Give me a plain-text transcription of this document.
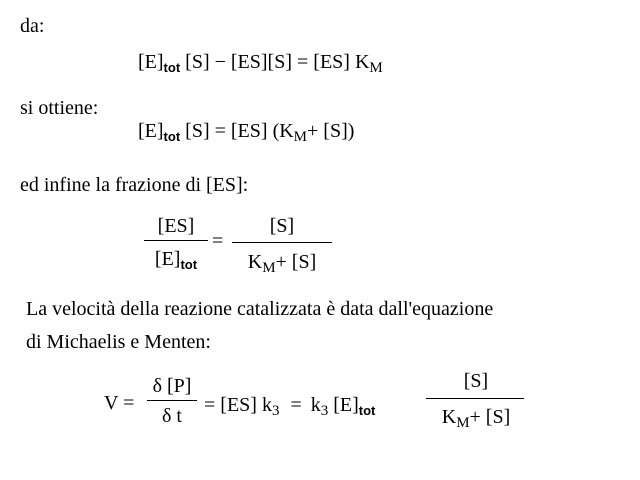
da:
$[E]_{tot}$ [S] − [ES][S] = [ES] $K_M$
si ottiene:
$[E]_{tot}$ [S] = [ES] $(K_M+ [S])$
ed infine la frazione di [ES]:
[ES]
$[E]_{tot}$
=
[S]
$K_M+ [S]$
La velocità della reazione catalizzata è data dall'equazione
di Michaelis e Menten:
V =
δ [P]
δ t	= [ES] $k_3 = k_3$ $[E]_{tot}$
[S]
$K_M+ [S]$
